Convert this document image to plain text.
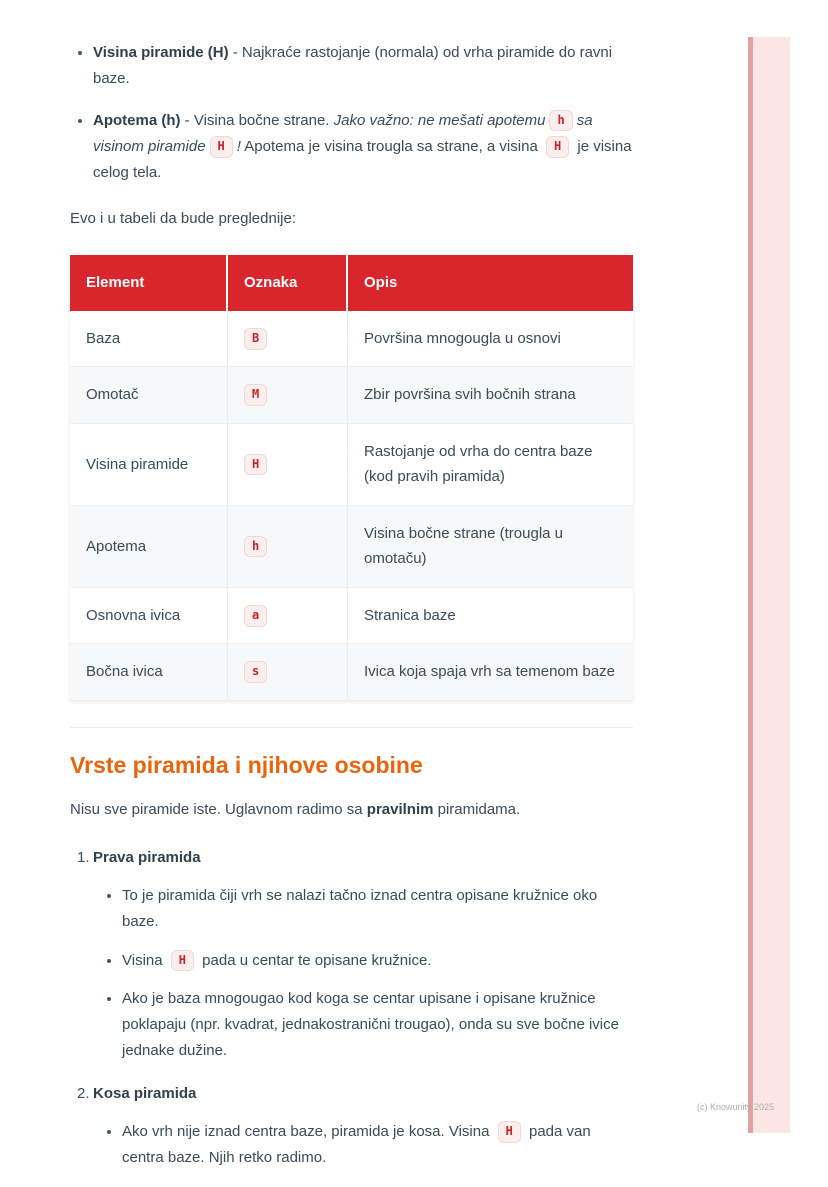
Visina piramide (H) - Najkraće rastojanje (normala) od vrha piramide do ravni baze.
Apotema (h) - Visina bočne strane. Jako važno: ne mešati apotemu h sa visinom piramide H ! Apotema je visina trougla sa strane, a visina H je visina celog tela.

Evo i u tabeli da bude preglednije:

Element	Oznaka	Opis
Baza	B	Površina mnogougla u osnovi
Omotač	M	Zbir površina svih bočnih strana
Visina piramide	H	Rastojanje od vrha do centra baze (kod pravih piramida)
Apotema	h	Visina bočne strane (trougla u omotaču)
Osnovna ivica	a	Stranica baze
Bočna ivica	s	Ivica koja spaja vrh sa temenom baze
Vrste piramida i njihove osobine

Nisu sve piramide iste. Uglavnom radimo sa pravilnim piramidama.

1. Prava piramida
To je piramida čiji vrh se nalazi tačno iznad centra opisane kružnice oko baze.
Visina H pada u centar te opisane kružnice.
Ako je baza mnogougao kod koga se centar upisane i opisane kružnice poklapaju (npr. kvadrat, jednakostranični trougao), onda su sve bočne ivice jednake dužine.
2. Kosa piramida
Ako vrh nije iznad centra baze, piramida je kosa. Visina H pada van centra baze. Njih retko radimo.
(c) Knowunity 2025
